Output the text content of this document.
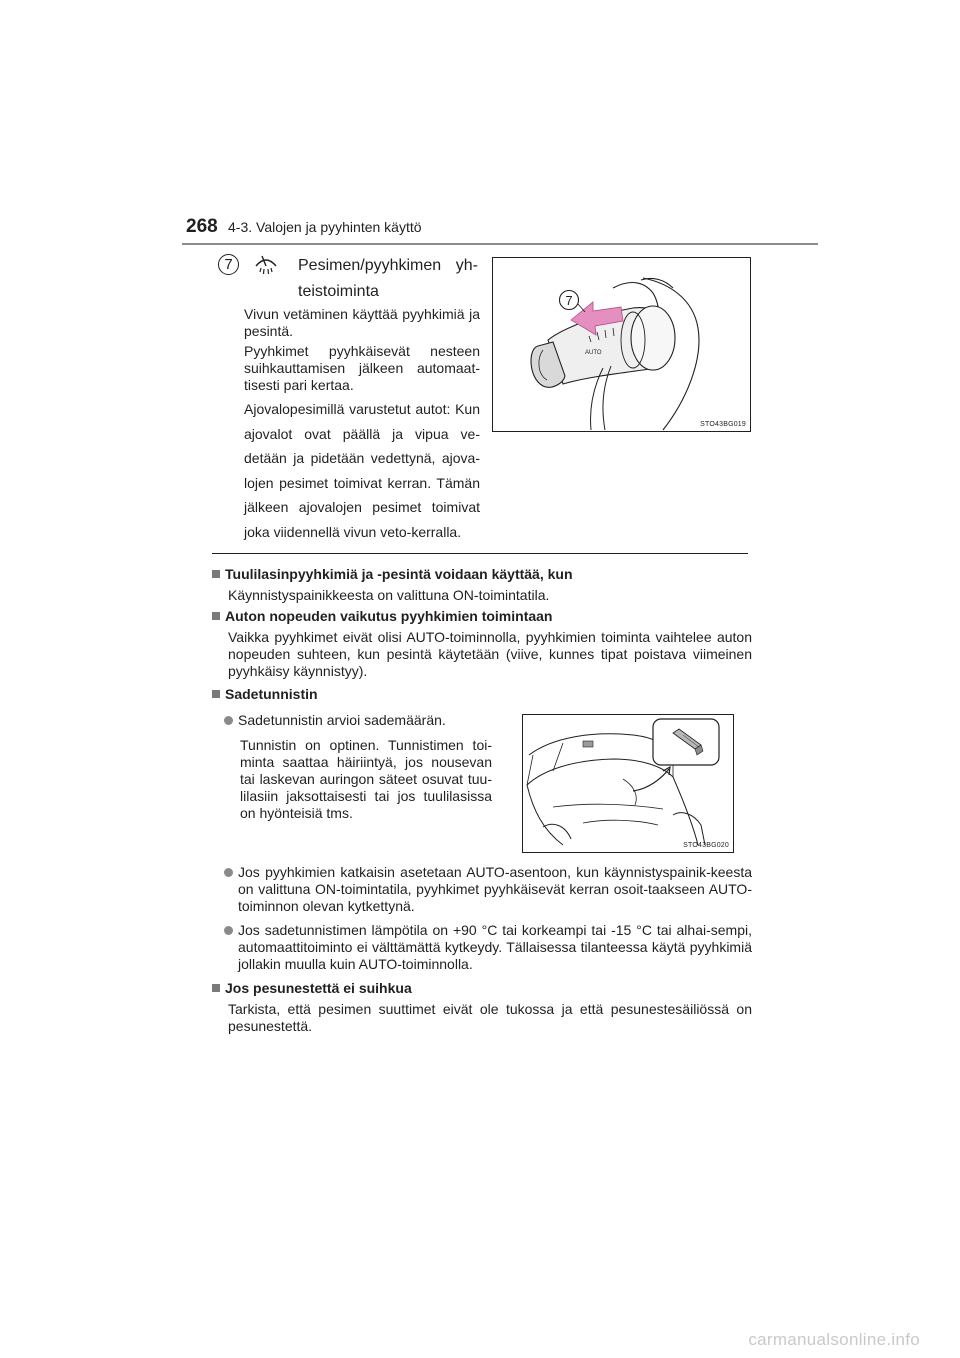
268 4-3. Valojen ja pyyhinten käyttö
7	Pesimen/pyyhkimen yh-teistoiminta

Vivun vetäminen käyttää pyyhkimiä ja pesintä.

Pyyhkimet pyyhkäisevät nesteen suihkauttamisen jälkeen automaat-tisesti pari kertaa.

Ajovalopesimillä varustetut autot: Kun ajovalot ovat päällä ja vipua ve-detään ja pidetään vedettynä, ajova-lojen pesimet toimivat kerran. Tämän jälkeen ajovalojen pesimet toimivat joka viidennellä vivun veto-kerralla.

AUTO
7
STO43BG019
Tuulilasinpyyhkimiä ja -pesintä voidaan käyttää, kun
Käynnistyspainikkeesta on valittuna ON-toimintatila.
Auton nopeuden vaikutus pyyhkimien toimintaan
Vaikka pyyhkimet eivät olisi AUTO-toiminnolla, pyyhkimien toiminta vaihtelee auton nopeuden suhteen, kun pesintä käytetään (viive, kunnes tipat poistava viimeinen pyyhkäisy käynnistyy).
Sadetunnistin
Sadetunnistin arvioi sademäärän.
Tunnistin on optinen. Tunnistimen toi-minta saattaa häiriintyä, jos nousevan tai laskevan auringon säteet osuvat tuu-lilasiin jaksottaisesti tai jos tuulilasissa on hyönteisiä tms.
STO43BG020
Jos pyyhkimien katkaisin asetetaan AUTO-asentoon, kun käynnistyspainik-keesta on valittuna ON-toimintatila, pyyhkimet pyyhkäisevät kerran osoit-taakseen AUTO-toiminnon olevan kytkettynä.
Jos sadetunnistimen lämpötila on +90 °C tai korkeampi tai -15 °C tai alhai-sempi, automaattitoiminto ei välttämättä kytkeydy. Tällaisessa tilanteessa käytä pyyhkimiä jollakin muulla kuin AUTO-toiminnolla.
Jos pesunestettä ei suihkua
Tarkista, että pesimen suuttimet eivät ole tukossa ja että pesunestesäiliössä on pesunestettä.
carmanualsonline.info
